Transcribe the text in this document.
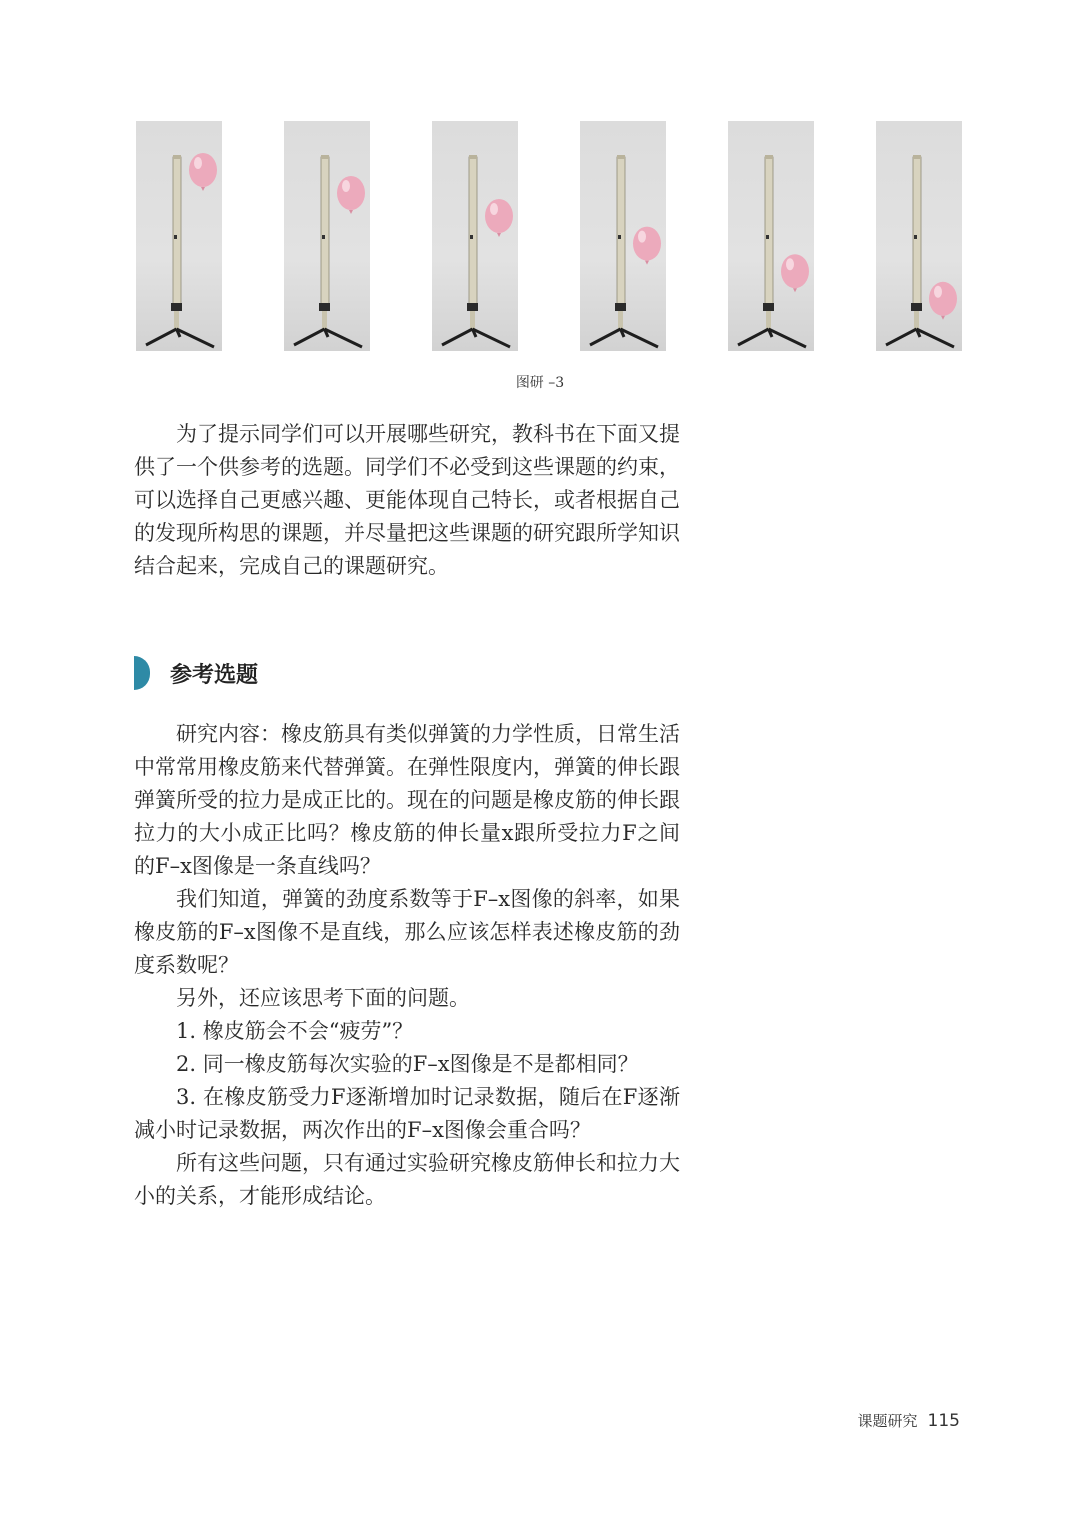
图研 –3

为了提示同学们可以开展哪些研究，教科书在下面又提供了一个供参考的选题。同学们不必受到这些课题的约束，可以选择自己更感兴趣、更能体现自己特长，或者根据自己的发现所构思的课题，并尽量把这些课题的研究跟所学知识结合起来，完成自己的课题研究。

参考选题

研究内容：橡皮筋具有类似弹簧的力学性质，日常生活中常常用橡皮筋来代替弹簧。在弹性限度内，弹簧的伸长跟弹簧所受的拉力是成正比的。现在的问题是橡皮筋的伸长跟拉力的大小成正比吗？橡皮筋的伸长量x跟所受拉力F之间的F–x图像是一条直线吗？

我们知道，弹簧的劲度系数等于F–x图像的斜率，如果橡皮筋的F–x图像不是直线，那么应该怎样表述橡皮筋的劲度系数呢？

另外，还应该思考下面的问题。

1. 橡皮筋会不会“疲劳”？

2. 同一橡皮筋每次实验的F–x图像是不是都相同？

3. 在橡皮筋受力F逐渐增加时记录数据，随后在F逐渐减小时记录数据，两次作出的F–x图像会重合吗？

所有这些问题，只有通过实验研究橡皮筋伸长和拉力大小的关系，才能形成结论。

课题研究 115
